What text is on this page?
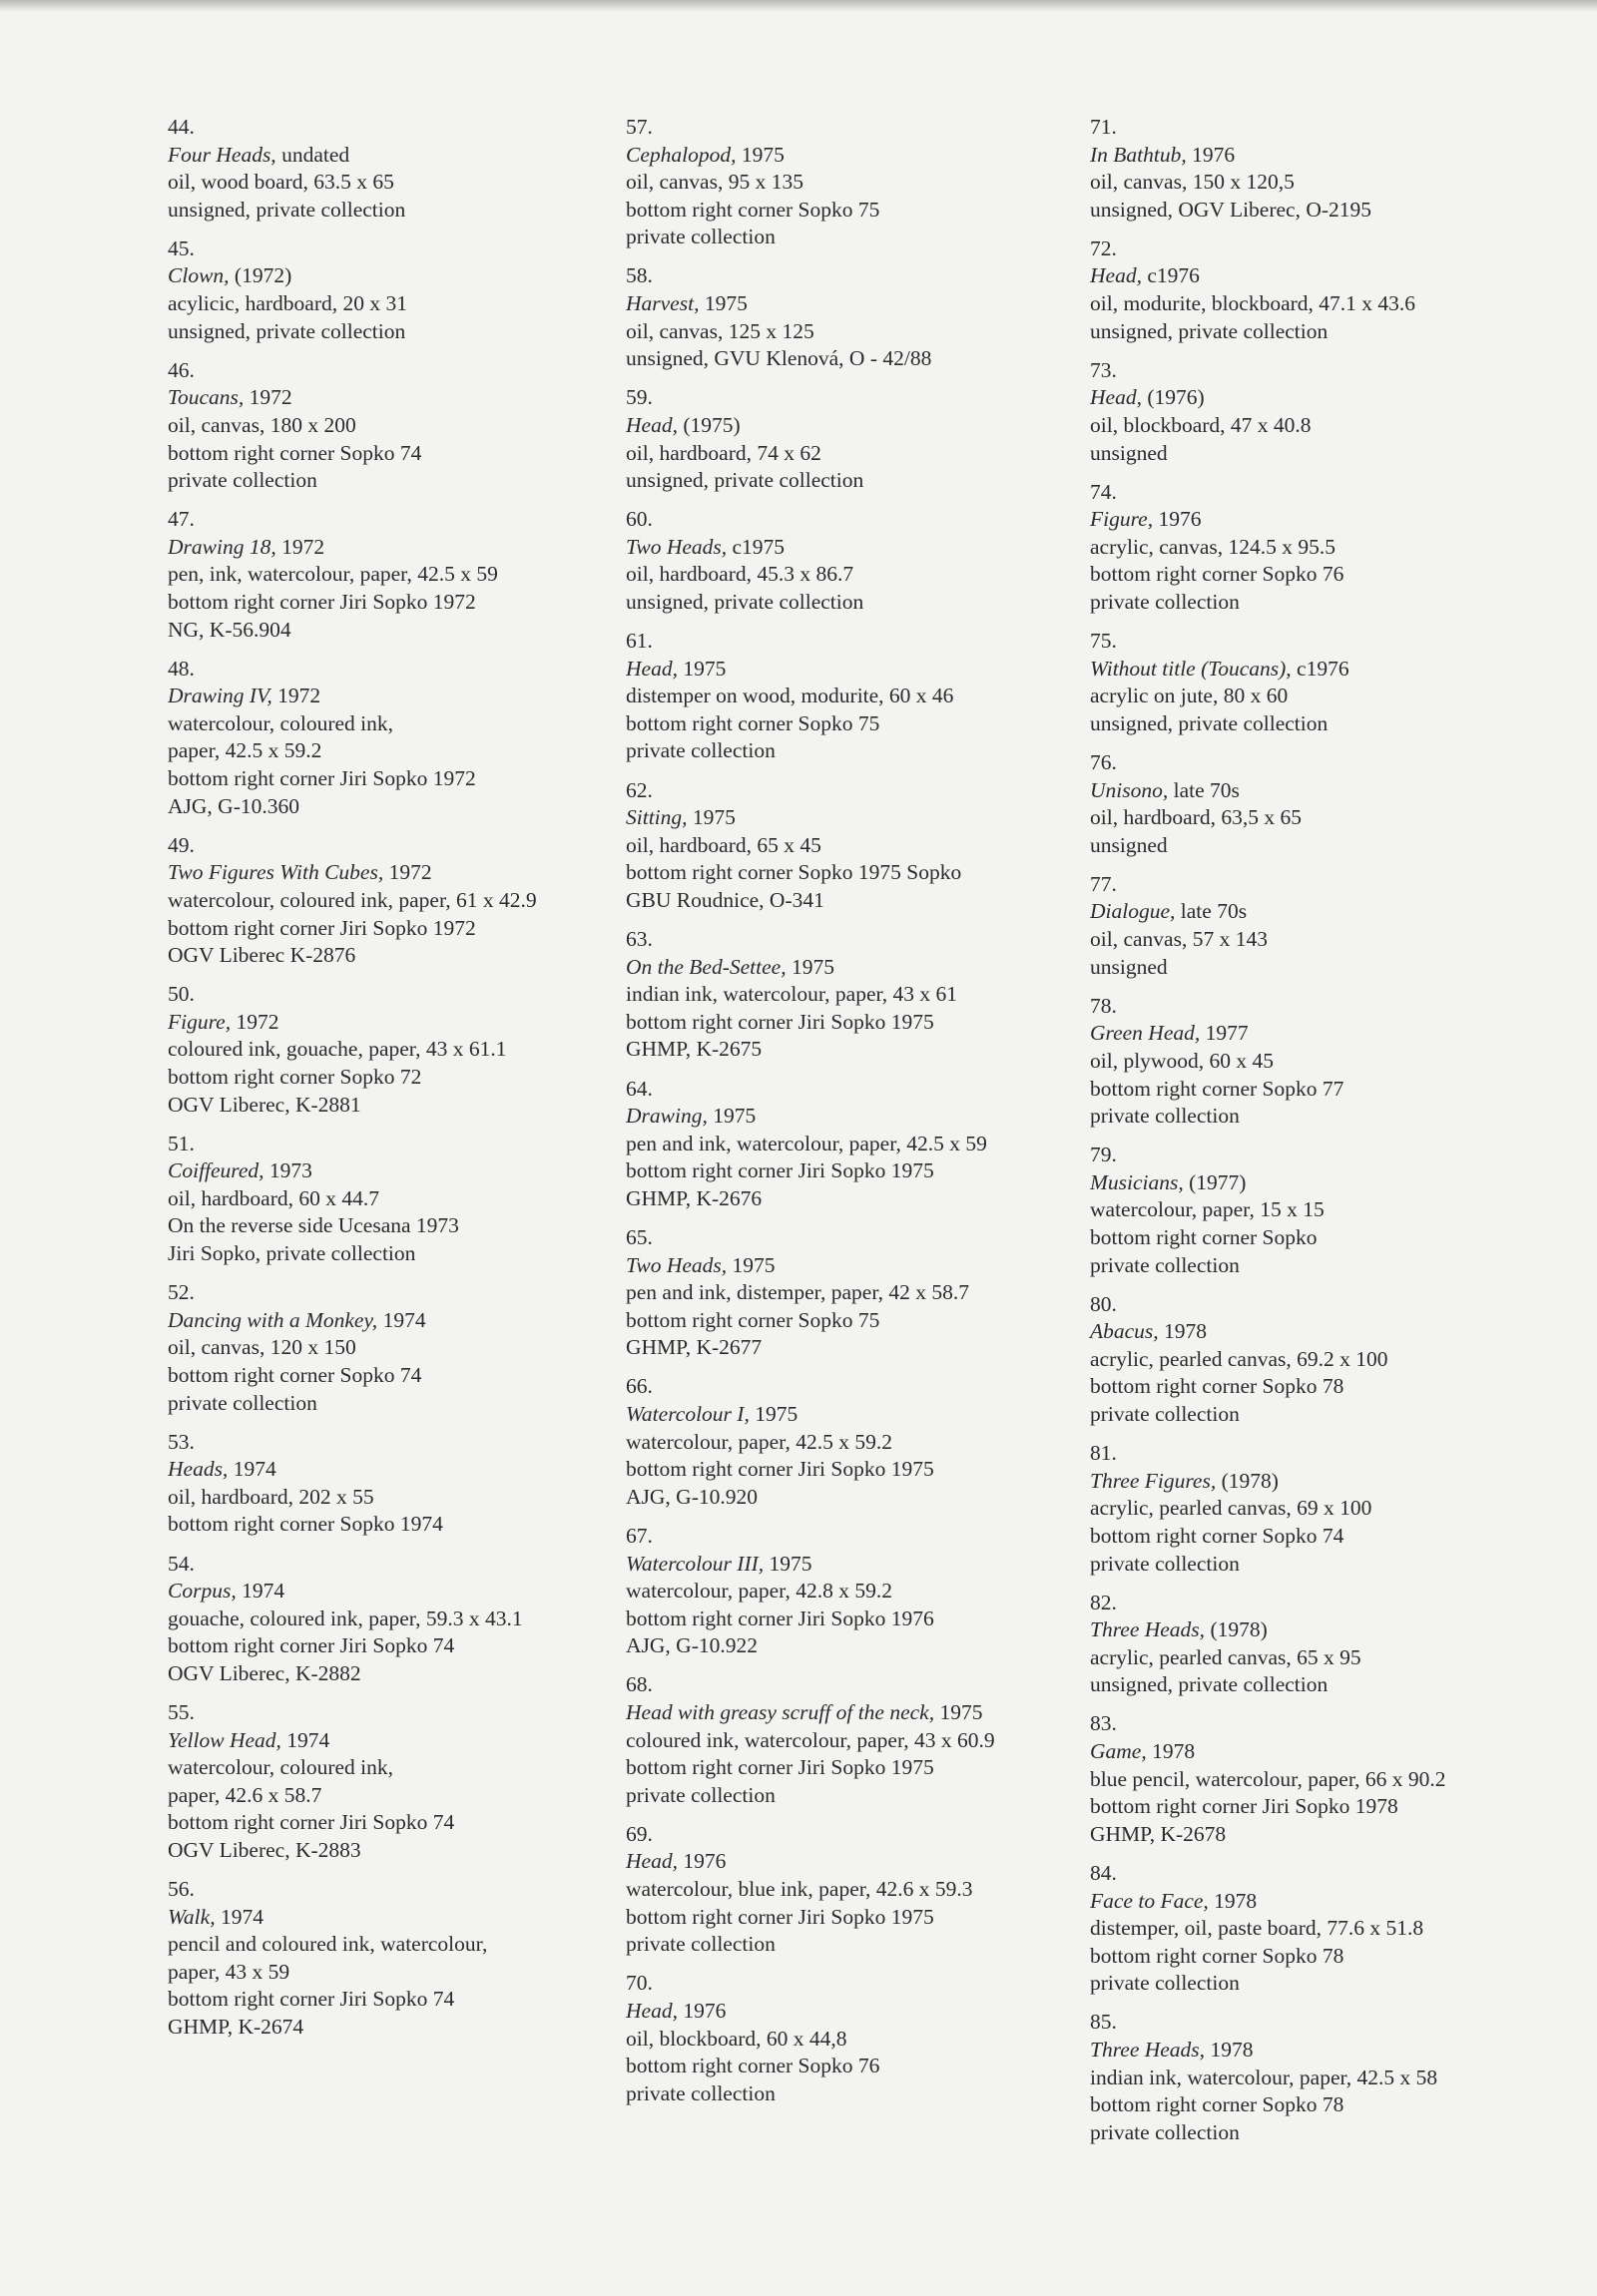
44.
Four Heads, undated
oil, wood board, 63.5 x 65
unsigned, private collection
45.
Clown, (1972)
acylicic, hardboard, 20 x 31
unsigned, private collection
46.
Toucans, 1972
oil, canvas, 180 x 200
bottom right corner Sopko 74
private collection
47.
Drawing 18, 1972
pen, ink, watercolour, paper, 42.5 x 59
bottom right corner Jiri Sopko 1972
NG, K-56.904
48.
Drawing IV, 1972
watercolour, coloured ink,
paper, 42.5 x 59.2
bottom right corner Jiri Sopko 1972
AJG, G-10.360
49.
Two Figures With Cubes, 1972
watercolour, coloured ink, paper, 61 x 42.9
bottom right corner Jiri Sopko 1972
OGV Liberec K-2876
50.
Figure, 1972
coloured ink, gouache, paper, 43 x 61.1
bottom right corner Sopko 72
OGV Liberec, K-2881
51.
Coiffeured, 1973
oil, hardboard, 60 x 44.7
On the reverse side Ucesana 1973
Jiri Sopko, private collection
52.
Dancing with a Monkey, 1974
oil, canvas, 120 x 150
bottom right corner Sopko 74
private collection
53.
Heads, 1974
oil, hardboard, 202 x 55
bottom right corner Sopko 1974
54.
Corpus, 1974
gouache, coloured ink, paper, 59.3 x 43.1
bottom right corner Jiri Sopko 74
OGV Liberec, K-2882
55.
Yellow Head, 1974
watercolour, coloured ink,
paper, 42.6 x 58.7
bottom right corner Jiri Sopko 74
OGV Liberec, K-2883
56.
Walk, 1974
pencil and coloured ink, watercolour,
paper, 43 x 59
bottom right corner Jiri Sopko 74
GHMP, K-2674
57.
Cephalopod, 1975
oil, canvas, 95 x 135
bottom right corner Sopko 75
private collection
58.
Harvest, 1975
oil, canvas, 125 x 125
unsigned, GVU Klenová, O - 42/88
59.
Head, (1975)
oil, hardboard, 74 x 62
unsigned, private collection
60.
Two Heads, c1975
oil, hardboard, 45.3 x 86.7
unsigned, private collection
61.
Head, 1975
distemper on wood, modurite, 60 x 46
bottom right corner Sopko 75
private collection
62.
Sitting, 1975
oil, hardboard, 65 x 45
bottom right corner Sopko 1975 Sopko
GBU Roudnice, O-341
63.
On the Bed-Settee, 1975
indian ink, watercolour, paper, 43 x 61
bottom right corner Jiri Sopko 1975
GHMP, K-2675
64.
Drawing, 1975
pen and ink, watercolour, paper, 42.5 x 59
bottom right corner Jiri Sopko 1975
GHMP, K-2676
65.
Two Heads, 1975
pen and ink, distemper, paper, 42 x 58.7
bottom right corner Sopko 75
GHMP, K-2677
66.
Watercolour I, 1975
watercolour, paper, 42.5 x 59.2
bottom right corner Jiri Sopko 1975
AJG, G-10.920
67.
Watercolour III, 1975
watercolour, paper, 42.8 x 59.2
bottom right corner Jiri Sopko 1976
AJG, G-10.922
68.
Head with greasy scruff of the neck, 1975
coloured ink, watercolour, paper, 43 x 60.9
bottom right corner Jiri Sopko 1975
private collection
69.
Head, 1976
watercolour, blue ink, paper, 42.6 x 59.3
bottom right corner Jiri Sopko 1975
private collection
70.
Head, 1976
oil, blockboard, 60 x 44,8
bottom right corner Sopko 76
private collection
71.
In Bathtub, 1976
oil, canvas, 150 x 120,5
unsigned, OGV Liberec, O-2195
72.
Head, c1976
oil, modurite, blockboard, 47.1 x 43.6
unsigned, private collection
73.
Head, (1976)
oil, blockboard, 47 x 40.8
unsigned
74.
Figure, 1976
acrylic, canvas, 124.5 x 95.5
bottom right corner Sopko 76
private collection
75.
Without title (Toucans), c1976
acrylic on jute, 80 x 60
unsigned, private collection
76.
Unisono, late 70s
oil, hardboard, 63,5 x 65
unsigned
77.
Dialogue, late 70s
oil, canvas, 57 x 143
unsigned
78.
Green Head, 1977
oil, plywood, 60 x 45
bottom right corner Sopko 77
private collection
79.
Musicians, (1977)
watercolour, paper, 15 x 15
bottom right corner Sopko
private collection
80.
Abacus, 1978
acrylic, pearled canvas, 69.2 x 100
bottom right corner Sopko 78
private collection
81.
Three Figures, (1978)
acrylic, pearled canvas, 69 x 100
bottom right corner Sopko 74
private collection
82.
Three Heads, (1978)
acrylic, pearled canvas, 65 x 95
unsigned, private collection
83.
Game, 1978
blue pencil, watercolour, paper, 66 x 90.2
bottom right corner Jiri Sopko 1978
GHMP, K-2678
84.
Face to Face, 1978
distemper, oil, paste board, 77.6 x 51.8
bottom right corner Sopko 78
private collection
85.
Three Heads, 1978
indian ink, watercolour, paper, 42.5 x 58
bottom right corner Sopko 78
private collection
